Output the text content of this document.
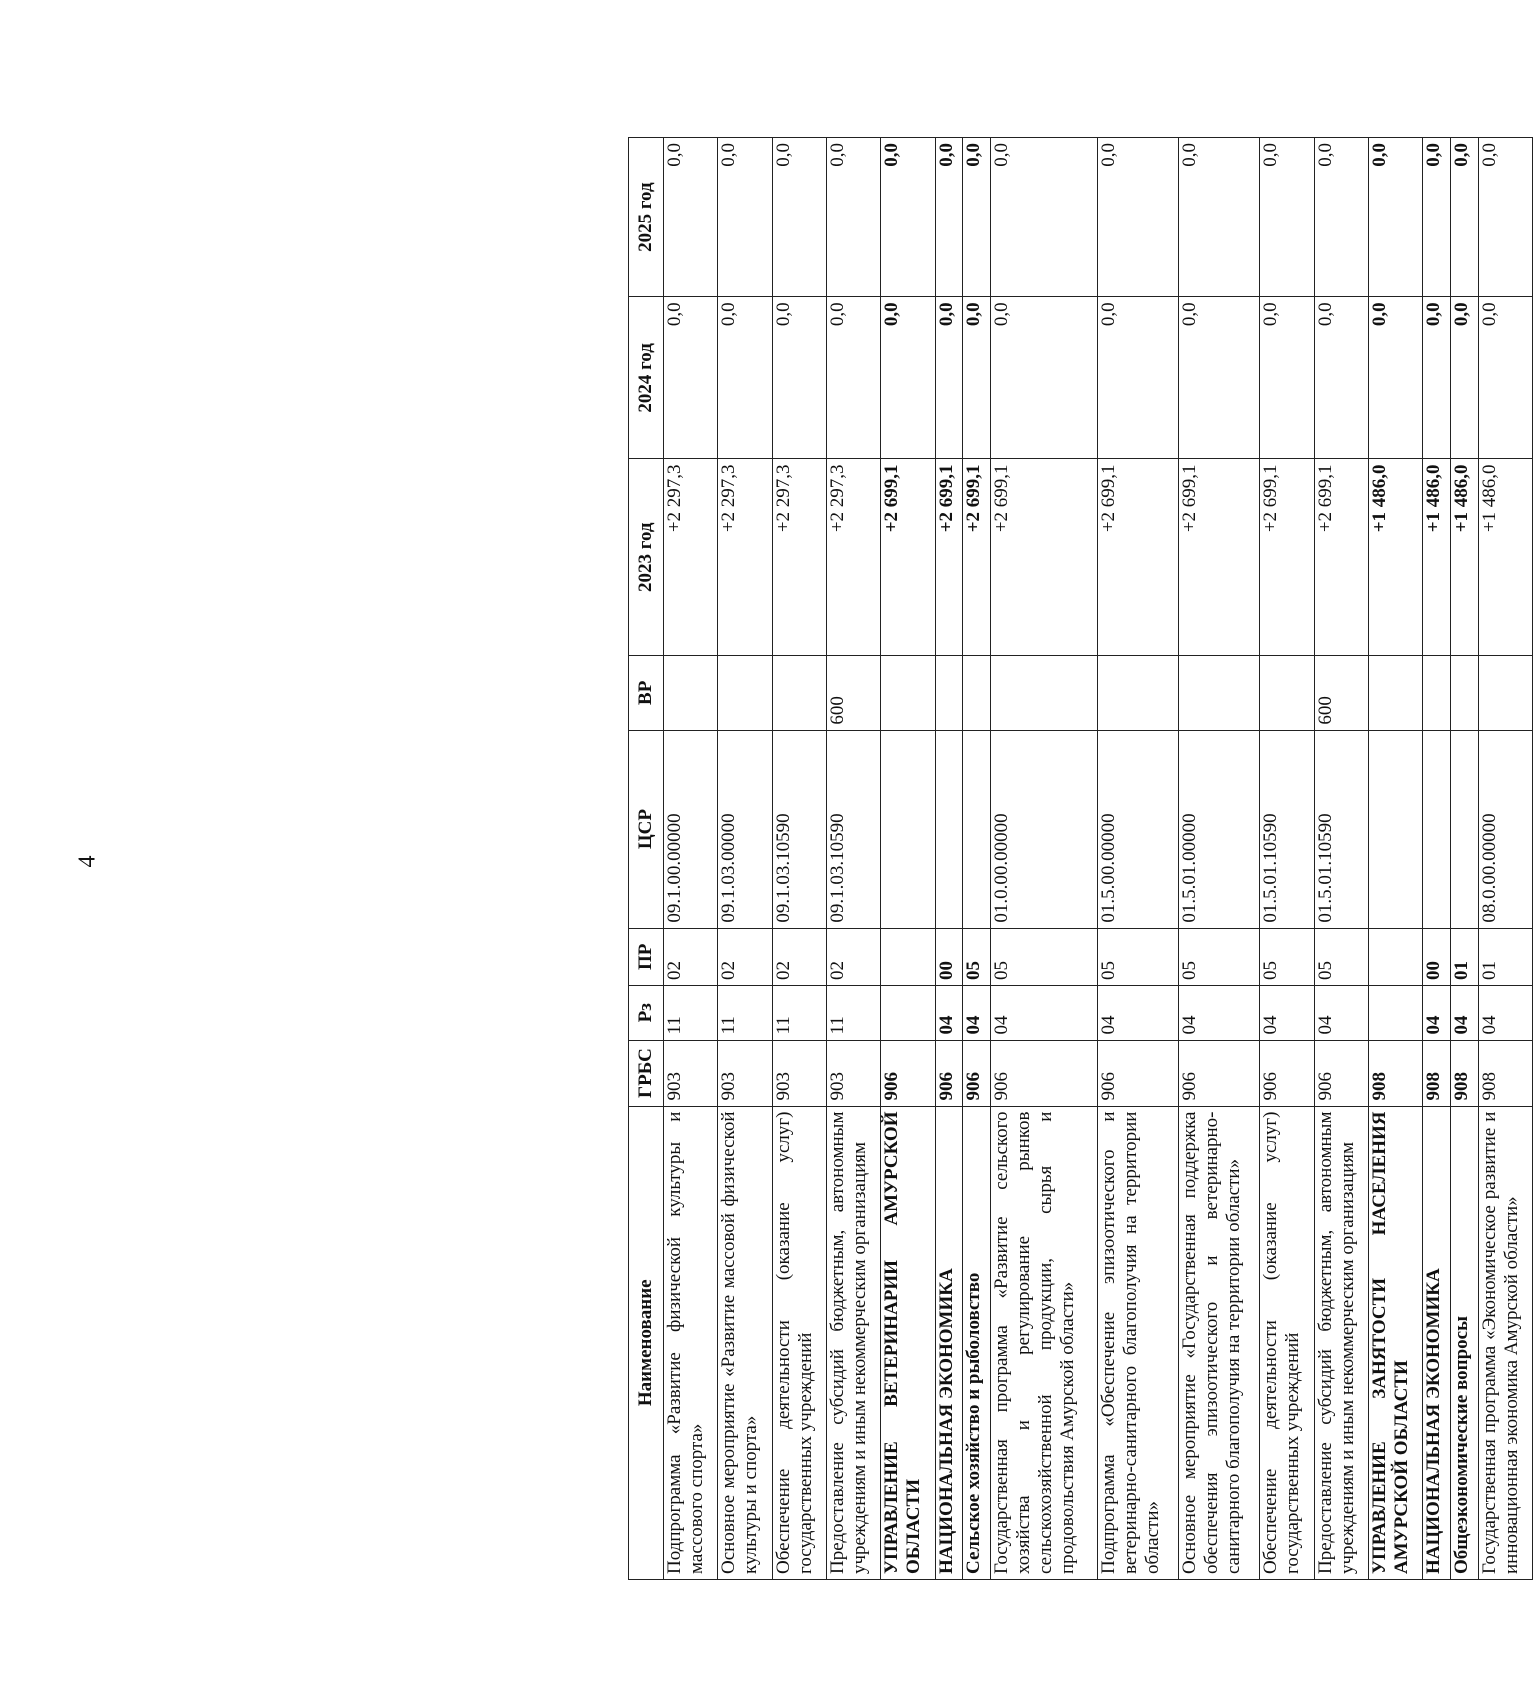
4
Наименование	ГРБС	Рз	ПР	ЦСР	ВР	2023 год	2024 год	2025 год
Подпрограмма «Развитие физической культуры и массового спорта»	903	11	02	09.1.00.00000		+2 297,3	0,0	0,0
Основное мероприятие «Развитие массовой физической культуры и спорта»	903	11	02	09.1.03.00000		+2 297,3	0,0	0,0
Обеспечение деятельности (оказание услуг) государственных учреждений	903	11	02	09.1.03.10590		+2 297,3	0,0	0,0
Предоставление субсидий бюджетным, автономным учреждениям и иным некоммерческим организациям	903	11	02	09.1.03.10590	600	+2 297,3	0,0	0,0
УПРАВЛЕНИЕ ВЕТЕРИНАРИИ АМУРСКОЙ ОБЛАСТИ	906					+2 699,1	0,0	0,0
НАЦИОНАЛЬНАЯ ЭКОНОМИКА	906	04	00			+2 699,1	0,0	0,0
Сельское хозяйство и рыболовство	906	04	05			+2 699,1	0,0	0,0
Государственная программа «Развитие сельского хозяйства и регулирование рынков сельскохозяйственной продукции, сырья и продовольствия Амурской области»	906	04	05	01.0.00.00000		+2 699,1	0,0	0,0
Подпрограмма «Обеспечение эпизоотического и ветеринарно-санитарного благополучия на территории области»	906	04	05	01.5.00.00000		+2 699,1	0,0	0,0
Основное мероприятие «Государственная поддержка обеспечения эпизоотического и ветеринарно-санитарного благополучия на территории области»	906	04	05	01.5.01.00000		+2 699,1	0,0	0,0
Обеспечение деятельности (оказание услуг) государственных учреждений	906	04	05	01.5.01.10590		+2 699,1	0,0	0,0
Предоставление субсидий бюджетным, автономным учреждениям и иным некоммерческим организациям	906	04	05	01.5.01.10590	600	+2 699,1	0,0	0,0
УПРАВЛЕНИЕ ЗАНЯТОСТИ НАСЕЛЕНИЯ АМУРСКОЙ ОБЛАСТИ	908					+1 486,0	0,0	0,0
НАЦИОНАЛЬНАЯ ЭКОНОМИКА	908	04	00			+1 486,0	0,0	0,0
Общеэкономические вопросы	908	04	01			+1 486,0	0,0	0,0
Государственная программа «Экономическое развитие и инновационная экономика Амурской области»	908	04	01	08.0.00.00000		+1 486,0	0,0	0,0
